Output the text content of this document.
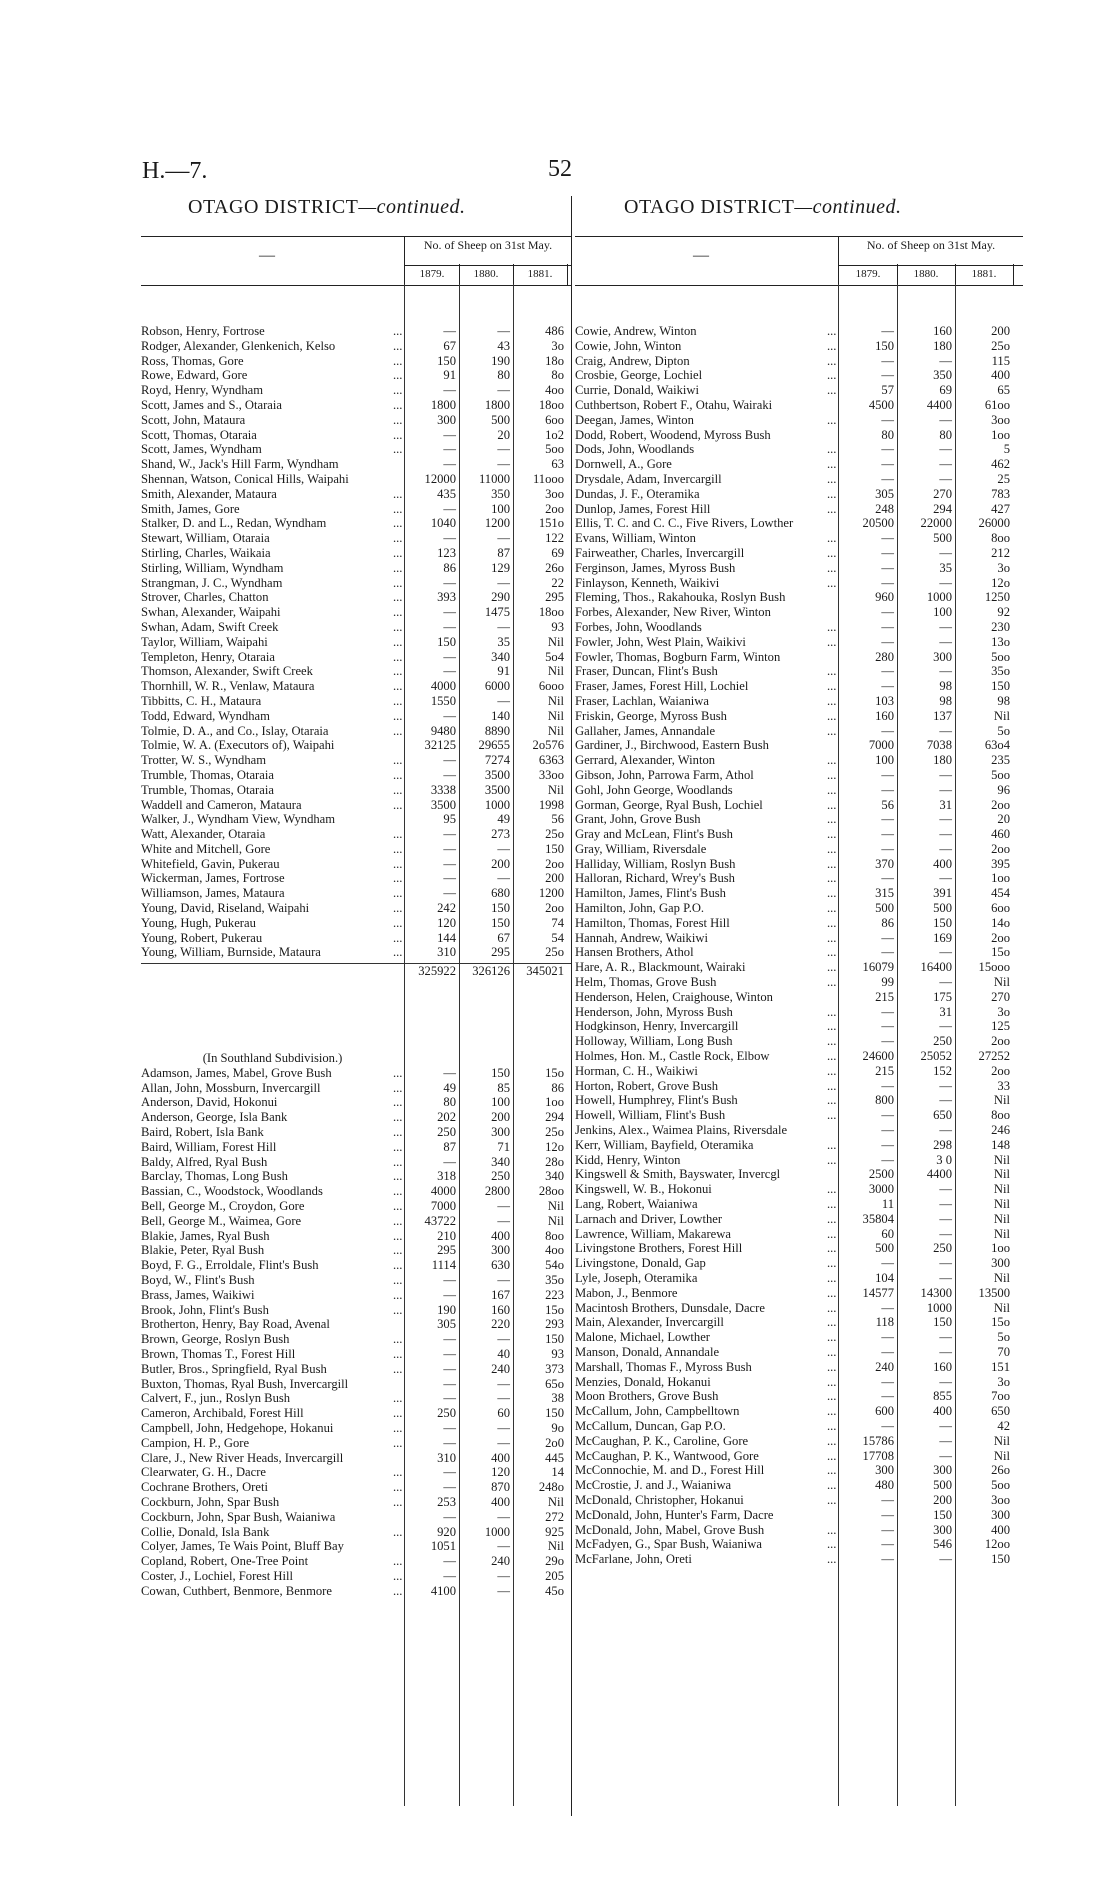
H.—7.	52
OTAGO DISTRICT—continued.	OTAGO DISTRICT—continued.
—
No. of Sheep on 31st May.
1879.	1880.	1881.
Robson, Henry, Fortrose	...	—	—	486
Rodger, Alexander, Glenkenich, Kelso	...	67	43	3o
Ross, Thomas, Gore	...	150	190	18o
Rowe, Edward, Gore	...	91	80	8o
Royd, Henry, Wyndham	...	—	—	4oo
Scott, James and S., Otaraia	...	1800	1800	18oo
Scott, John, Mataura	...	300	500	6oo
Scott, Thomas, Otaraia	...	—	20	1o2
Scott, James, Wyndham	...	—	—	5oo
Shand, W., Jack's Hill Farm, Wyndham	—	—	63
Shennan, Watson, Conical Hills, Waipahi	12000	11000	11ooo
Smith, Alexander, Mataura	...	435	350	3oo
Smith, James, Gore	...	—	100	2oo
Stalker, D. and L., Redan, Wyndham	...	1040	1200	151o
Stewart, William, Otaraia	...	—	—	122
Stirling, Charles, Waikaia	...	123	87	69
Stirling, William, Wyndham	...	86	129	26o
Strangman, J. C., Wyndham	...	—	—	22
Strover, Charles, Chatton	...	393	290	295
Swhan, Alexander, Waipahi	...	—	1475	18oo
Swhan, Adam, Swift Creek	...	—	—	93
Taylor, William, Waipahi	...	150	35	Nil
Templeton, Henry, Otaraia	...	—	340	5o4
Thomson, Alexander, Swift Creek	...	—	91	Nil
Thornhill, W. R., Venlaw, Mataura	...	4000	6000	6ooo
Tibbitts, C. H., Mataura	...	1550	—	Nil
Todd, Edward, Wyndham	...	—	140	Nil
Tolmie, D. A., and Co., Islay, Otaraia	...	9480	8890	Nil
Tolmie, W. A. (Executors of), Waipahi	32125	29655	2o576
Trotter, W. S., Wyndham	...	—	7274	6363
Trumble, Thomas, Otaraia	...	—	3500	33oo
Trumble, Thomas, Otaraia	...	3338	3500	Nil
Waddell and Cameron, Mataura	...	3500	1000	1998
Walker, J., Wyndham View, Wyndham	95	49	56
Watt, Alexander, Otaraia	...	—	273	25o
White and Mitchell, Gore	...	—	—	150
Whitefield, Gavin, Pukerau	...	—	200	2oo
Wickerman, James, Fortrose	...	—	—	200
Williamson, James, Mataura	...	—	680	1200
Young, David, Riseland, Waipahi	...	242	150	2oo
Young, Hugh, Pukerau	...	120	150	74
Young, Robert, Pukerau	...	144	67	54
Young, William, Burnside, Mataura	...	310	295	25o
325922	326126	345021
(In Southland Subdivision.)
Adamson, James, Mabel, Grove Bush	...	—	150	15o
Allan, John, Mossburn, Invercargill	...	49	85	86
Anderson, David, Hokonui	...	80	100	1oo
Anderson, George, Isla Bank	...	202	200	294
Baird, Robert, Isla Bank	...	250	300	25o
Baird, William, Forest Hill	...	87	71	12o
Baldy, Alfred, Ryal Bush	...	—	340	28o
Barclay, Thomas, Long Bush	...	318	250	340
Bassian, C., Woodstock, Woodlands	...	4000	2800	28oo
Bell, George M., Croydon, Gore	...	7000	—	Nil
Bell, George M., Waimea, Gore	...	43722	—	Nil
Blakie, James, Ryal Bush	...	210	400	8oo
Blakie, Peter, Ryal Bush	...	295	300	4oo
Boyd, F. G., Erroldale, Flint's Bush	...	1114	630	54o
Boyd, W., Flint's Bush	...	—	—	35o
Brass, James, Waikiwi	...	—	167	223
Brook, John, Flint's Bush	...	190	160	15o
Brotherton, Henry, Bay Road, Avenal	305	220	293
Brown, George, Roslyn Bush	...	—	—	150
Brown, Thomas T., Forest Hill	...	—	40	93
Butler, Bros., Springfield, Ryal Bush	...	—	240	373
Buxton, Thomas, Ryal Bush, Invercargill	—	—	65o
Calvert, F., jun., Roslyn Bush	...	—	—	38
Cameron, Archibald, Forest Hill	...	250	60	150
Campbell, John, Hedgehope, Hokanui	...	—	—	9o
Campion, H. P., Gore	...	—	—	2o0
Clare, J., New River Heads, Invercargill	310	400	445
Clearwater, G. H., Dacre	...	—	120	14
Cochrane Brothers, Oreti	...	—	870	248o
Cockburn, John, Spar Bush	...	253	400	Nil
Cockburn, John, Spar Bush, Waianiwa	—	—	272
Collie, Donald, Isla Bank	...	920	1000	925
Colyer, James, Te Wais Point, Bluff Bay	1051	—	Nil
Copland, Robert, One-Tree Point	...	—	240	29o
Coster, J., Lochiel, Forest Hill	...	—	—	205
Cowan, Cuthbert, Benmore, Benmore	...	4100	—	45o
—
No. of Sheep on 31st May.
1879.	1880.	1881.
Cowie, Andrew, Winton	...	—	160	200
Cowie, John, Winton	...	150	180	25o
Craig, Andrew, Dipton	...	—	—	115
Crosbie, George, Lochiel	...	—	350	400
Currie, Donald, Waikiwi	...	57	69	65
Cuthbertson, Robert F., Otahu, Wairaki	4500	4400	61oo
Deegan, James, Winton	...	—	—	3oo
Dodd, Robert, Woodend, Myross Bush	80	80	1oo
Dods, John, Woodlands	...	—	—	5
Dornwell, A., Gore	...	—	—	462
Drysdale, Adam, Invercargill	...	—	—	25
Dundas, J. F., Oteramika	...	305	270	783
Dunlop, James, Forest Hill	...	248	294	427
Ellis, T. C. and C. C., Five Rivers, Lowther	20500	22000	26000
Evans, William, Winton	...	—	500	8oo
Fairweather, Charles, Invercargill	...	—	—	212
Ferginson, James, Myross Bush	...	—	35	3o
Finlayson, Kenneth, Waikivi	...	—	—	12o
Fleming, Thos., Rakahouka, Roslyn Bush	960	1000	1250
Forbes, Alexander, New River, Winton	—	100	92
Forbes, John, Woodlands	...	—	—	230
Fowler, John, West Plain, Waikivi	...	—	—	13o
Fowler, Thomas, Bogburn Farm, Winton	280	300	5oo
Fraser, Duncan, Flint's Bush	...	—	—	35o
Fraser, James, Forest Hill, Lochiel	...	—	98	150
Fraser, Lachlan, Waianiwa	...	103	98	98
Friskin, George, Myross Bush	...	160	137	Nil
Gallaher, James, Annandale	...	—	—	5o
Gardiner, J., Birchwood, Eastern Bush	7000	7038	63o4
Gerrard, Alexander, Winton	...	100	180	235
Gibson, John, Parrowa Farm, Athol	...	—	—	5oo
Gohl, John George, Woodlands	...	—	—	96
Gorman, George, Ryal Bush, Lochiel	...	56	31	2oo
Grant, John, Grove Bush	...	—	—	20
Gray and McLean, Flint's Bush	...	—	—	460
Gray, William, Riversdale	...	—	—	2oo
Halliday, William, Roslyn Bush	...	370	400	395
Halloran, Richard, Wrey's Bush	...	—	—	1oo
Hamilton, James, Flint's Bush	...	315	391	454
Hamilton, John, Gap P.O.	...	500	500	6oo
Hamilton, Thomas, Forest Hill	...	86	150	14o
Hannah, Andrew, Waikiwi	...	—	169	2oo
Hansen Brothers, Athol	...	—	—	15o
Hare, A. R., Blackmount, Wairaki	...	16079	16400	15ooo
Helm, Thomas, Grove Bush	...	99	—	Nil
Henderson, Helen, Craighouse, Winton	215	175	270
Henderson, John, Myross Bush	...	—	31	3o
Hodgkinson, Henry, Invercargill	...	—	—	125
Holloway, William, Long Bush	...	—	250	2oo
Holmes, Hon. M., Castle Rock, Elbow	...	24600	25052	27252
Horman, C. H., Waikiwi	...	215	152	2oo
Horton, Robert, Grove Bush	...	—	—	33
Howell, Humphrey, Flint's Bush	...	800	—	Nil
Howell, William, Flint's Bush	...	—	650	8oo
Jenkins, Alex., Waimea Plains, Riversdale	—	—	246
Kerr, William, Bayfield, Oteramika	...	—	298	148
Kidd, Henry, Winton	...	—	3 0	Nil
Kingswell & Smith, Bayswater, Invercgl	2500	4400	Nil
Kingswell, W. B., Hokonui	...	3000	—	Nil
Lang, Robert, Waianiwa	...	11	—	Nil
Larnach and Driver, Lowther	...	35804	—	Nil
Lawrence, William, Makarewa	...	60	—	Nil
Livingstone Brothers, Forest Hill	...	500	250	1oo
Livingstone, Donald, Gap	...	—	—	300
Lyle, Joseph, Oteramika	...	104	—	Nil
Mabon, J., Benmore	...	14577	14300	13500
Macintosh Brothers, Dunsdale, Dacre	...	—	1000	Nil
Main, Alexander, Invercargill	...	118	150	15o
Malone, Michael, Lowther	...	—	—	5o
Manson, Donald, Annandale	...	—	—	70
Marshall, Thomas F., Myross Bush	...	240	160	151
Menzies, Donald, Hokanui	...	—	—	3o
Moon Brothers, Grove Bush	...	—	855	7oo
McCallum, John, Campbelltown	...	600	400	650
McCallum, Duncan, Gap P.O.	...	—	—	42
McCaughan, P. K., Caroline, Gore	...	15786	—	Nil
McCaughan, P. K., Wantwood, Gore	...	17708	—	Nil
McConnochie, M. and D., Forest Hill	...	300	300	26o
McCrostie, J. and J., Waianiwa	...	480	500	5oo
McDonald, Christopher, Hokanui	...	—	200	3oo
McDonald, John, Hunter's Farm, Dacre	—	150	300
McDonald, John, Mabel, Grove Bush	...	—	300	400
McFadyen, G., Spar Bush, Waianiwa	...	—	546	12oo
McFarlane, John, Oreti	...	—	—	150
